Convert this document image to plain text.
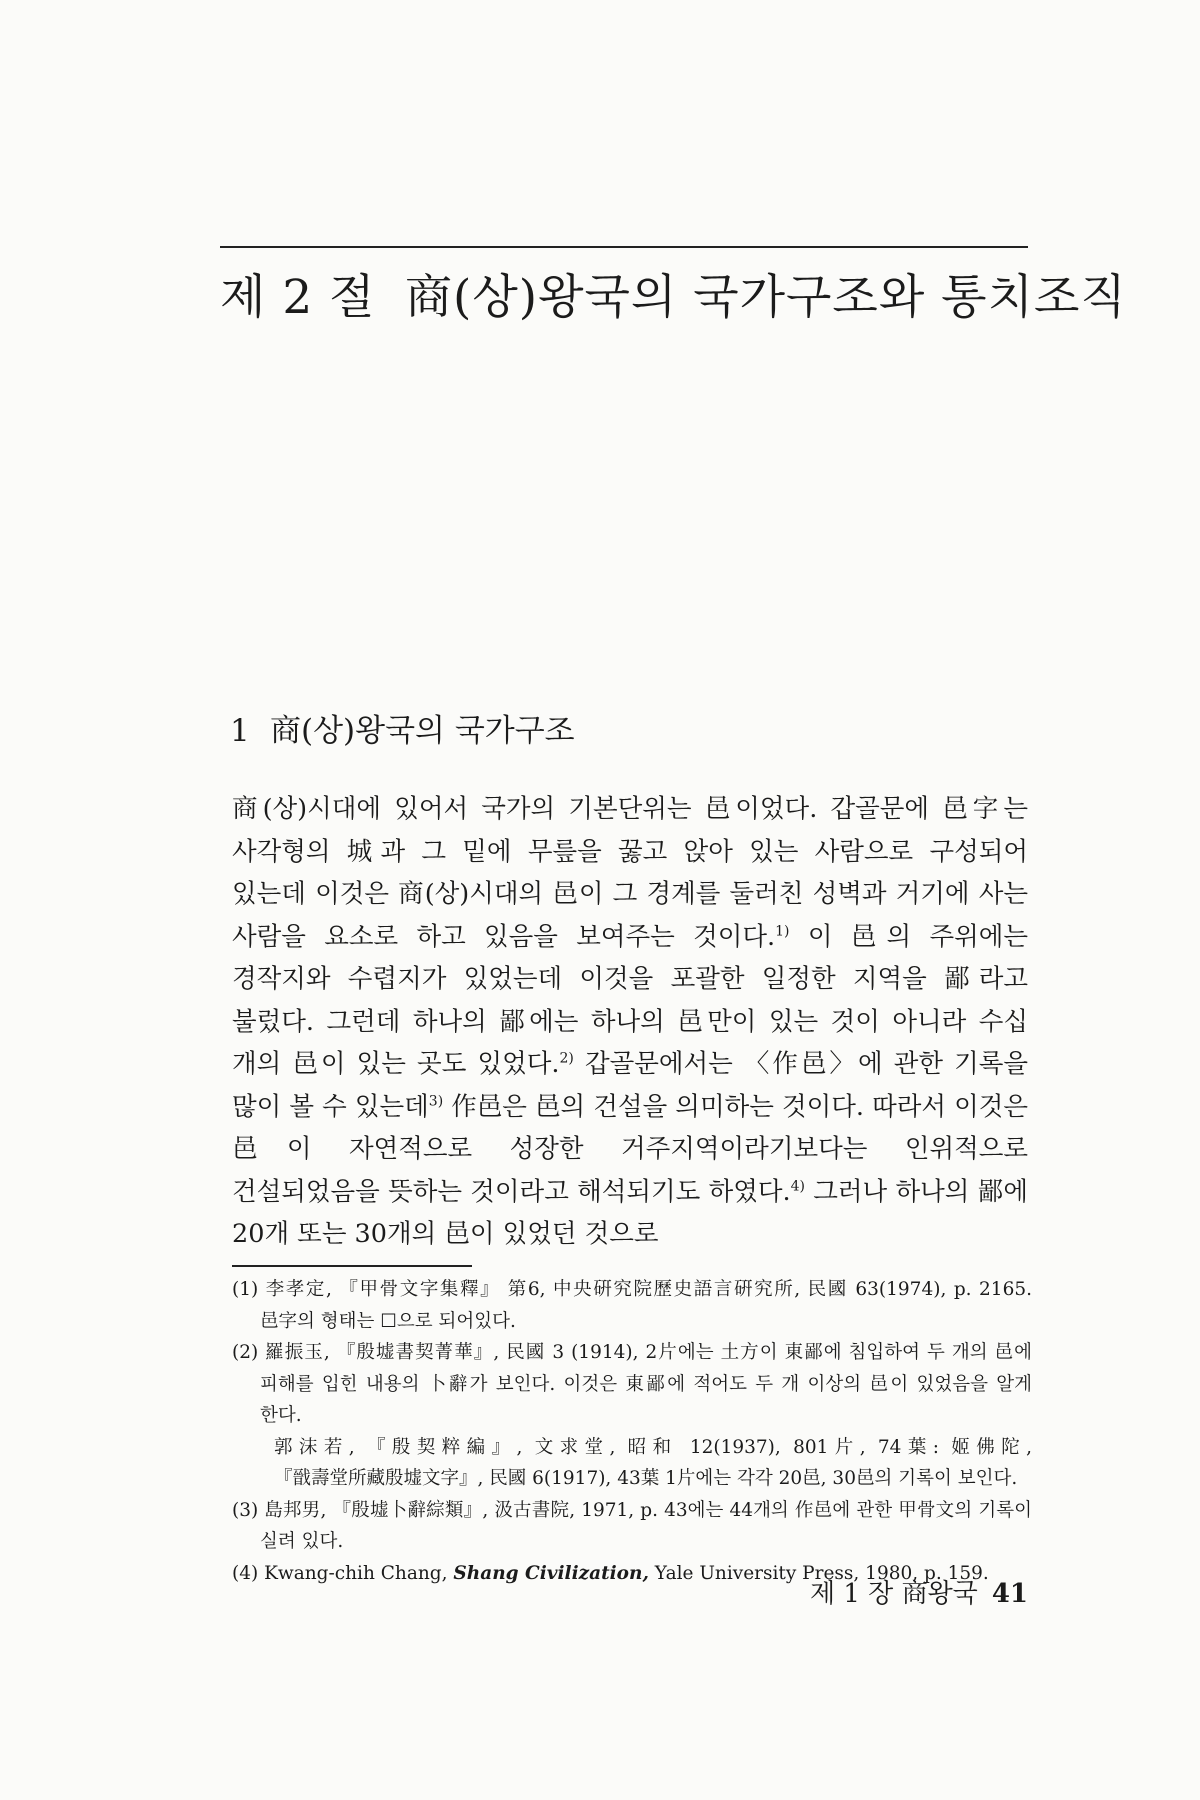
제 2 절 商(상)왕국의 국가구조와 통치조직
1 商(상)왕국의 국가구조

商(상)시대에 있어서 국가의 기본단위는 邑이었다. 갑골문에 邑字는 사각형의 城과 그 밑에 무릎을 꿇고 앉아 있는 사람으로 구성되어 있는데 이것은 商(상)시대의 邑이 그 경계를 둘러친 성벽과 거기에 사는 사람을 요소로 하고 있음을 보여주는 것이다.$^{1)}$ 이 邑의 주위에는 경작지와 수렵지가 있었는데 이것을 포괄한 일정한 지역을 鄙라고 불렀다. 그런데 하나의 鄙에는 하나의 邑만이 있는 것이 아니라 수십 개의 邑이 있는 곳도 있었다.$^{2)}$ 갑골문에서는 〈作邑〉에 관한 기록을 많이 볼 수 있는데$^{3)}$ 作邑은 邑의 건설을 의미하는 것이다. 따라서 이것은 邑이 자연적으로 성장한 거주지역이라기보다는 인위적으로 건설되었음을 뜻하는 것이라고 해석되기도 하였다.$^{4)}$ 그러나 하나의 鄙에 20개 또는 30개의 邑이 있었던 것으로

(1) 李孝定, 『甲骨文字集釋』 第6, 中央硏究院歷史語言硏究所, 民國 63(1974), p. 2165. 邑字의 형태는 ☐으로 되어있다.
(2) 羅振玉, 『殷墟書契菁華』, 民國 3 (1914), 2片에는 土方이 東鄙에 침입하여 두 개의 邑에 피해를 입힌 내용의 卜辭가 보인다. 이것은 東鄙에 적어도 두 개 이상의 邑이 있었음을 알게 한다.
郭沫若, 『殷契粹編』, 文求堂, 昭和 12(1937), 801片, 74葉: 姬佛陀, 『戩壽堂所藏殷墟文字』, 民國 6(1917), 43葉 1片에는 각각 20邑, 30邑의 기록이 보인다.
(3) 島邦男, 『殷墟卜辭綜類』, 汲古書院, 1971, p. 43에는 44개의 作邑에 관한 甲骨文의 기록이 실려 있다.
(4) Kwang-chih Chang, Shang Civilization, Yale University Press, 1980, p. 159.
제 1 장 商왕국 41
